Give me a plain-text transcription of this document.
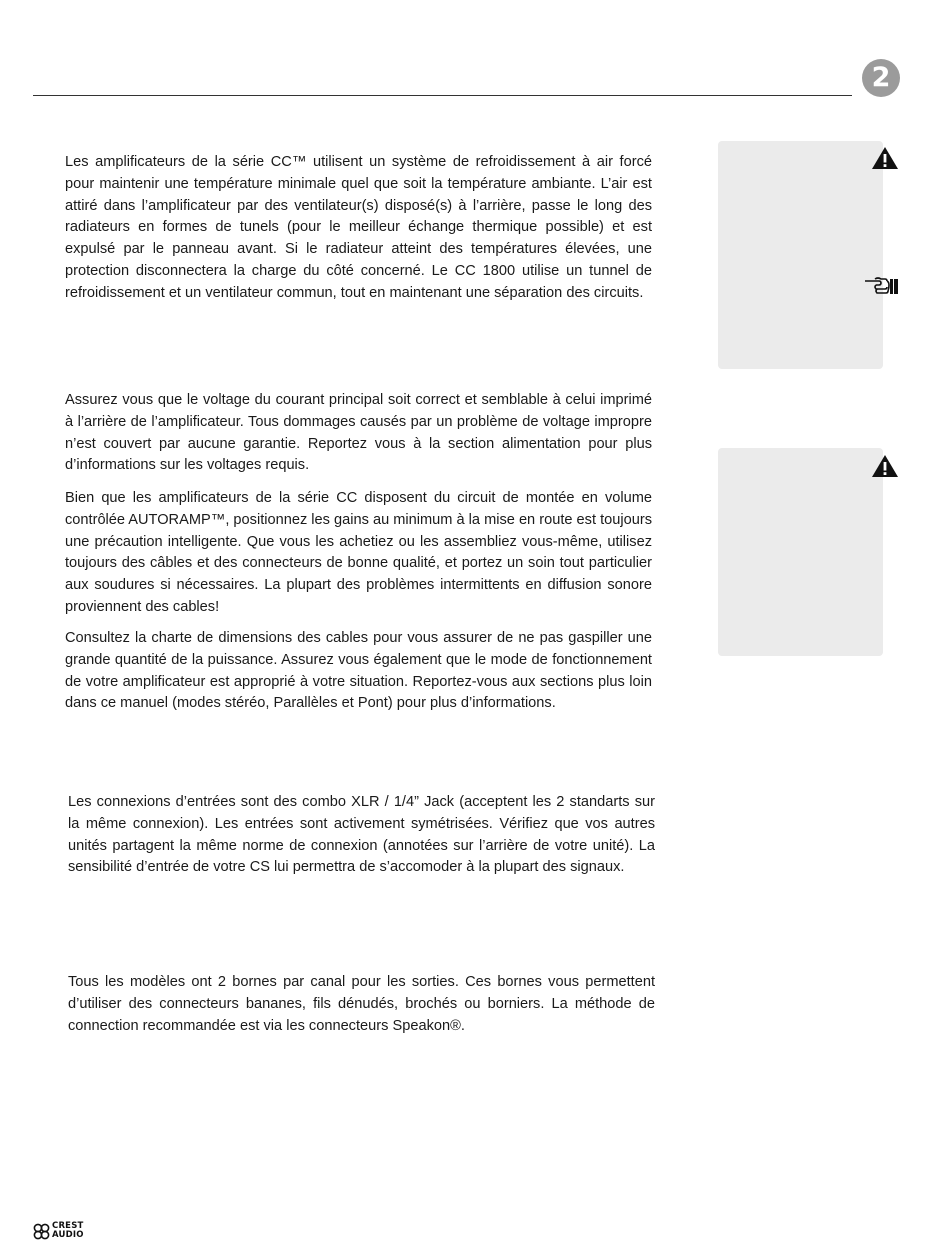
2

Les amplificateurs de la série CC™ utilisent un système de refroidissement à air forcé pour maintenir une température minimale quel que soit la température ambiante. L’air est attiré dans l’amplificateur par des ventilateur(s) disposé(s) à l’arrière, passe le long des radiateurs en formes de tunels (pour le meilleur échange thermique possible) et est expulsé par le panneau avant. Si le radiateur atteint des températures élevées, une protection disconnectera la charge du côté concerné. Le CC 1800 utilise un tunnel de refroidissement et un ventilateur commun, tout en maintenant une séparation des circuits.

Assurez vous que le voltage du courant principal soit correct et semblable à celui imprimé à l’arrière de l’amplificateur. Tous dommages causés par un problème de voltage impropre n’est couvert par aucune garantie. Reportez vous à la section alimentation pour plus d’informations sur les voltages requis.

Bien que les amplificateurs de la série CC disposent du circuit de montée en volume contrôlée AUTORAMP™, positionnez les gains au minimum à la mise en route est toujours une précaution intelligente. Que vous les achetiez ou les assembliez vous-même, utilisez toujours des câbles et des connecteurs de bonne qualité, et portez un soin tout particulier aux soudures si nécessaires. La plupart des problèmes intermittents en diffusion sonore proviennent des cables!

Consultez la charte de dimensions des cables pour vous assurer de ne pas gaspiller une grande quantité de la puissance. Assurez vous également que le mode de fonctionnement de votre amplificateur est approprié à votre situation. Reportez-vous aux sections plus loin dans ce manuel (modes stéréo, Parallèles et Pont) pour plus d’informations.

Les connexions d’entrées sont des combo XLR / 1/4” Jack (acceptent les 2 standarts sur la même connexion). Les entrées sont activement symétrisées. Vérifiez que vos autres unités partagent la même norme de connexion (annotées sur l’arrière de votre unité). La sensibilité d’entrée de votre CS lui permettra de s’accomoder à la plupart des signaux.

Tous les modèles ont 2 bornes par canal pour les sorties. Ces bornes vous permettent d’utiliser des connecteurs bananes, fils dénudés, brochés ou borniers. La méthode de connection recommandée est via les connecteurs Speakon®.

CREST
AUDIO
